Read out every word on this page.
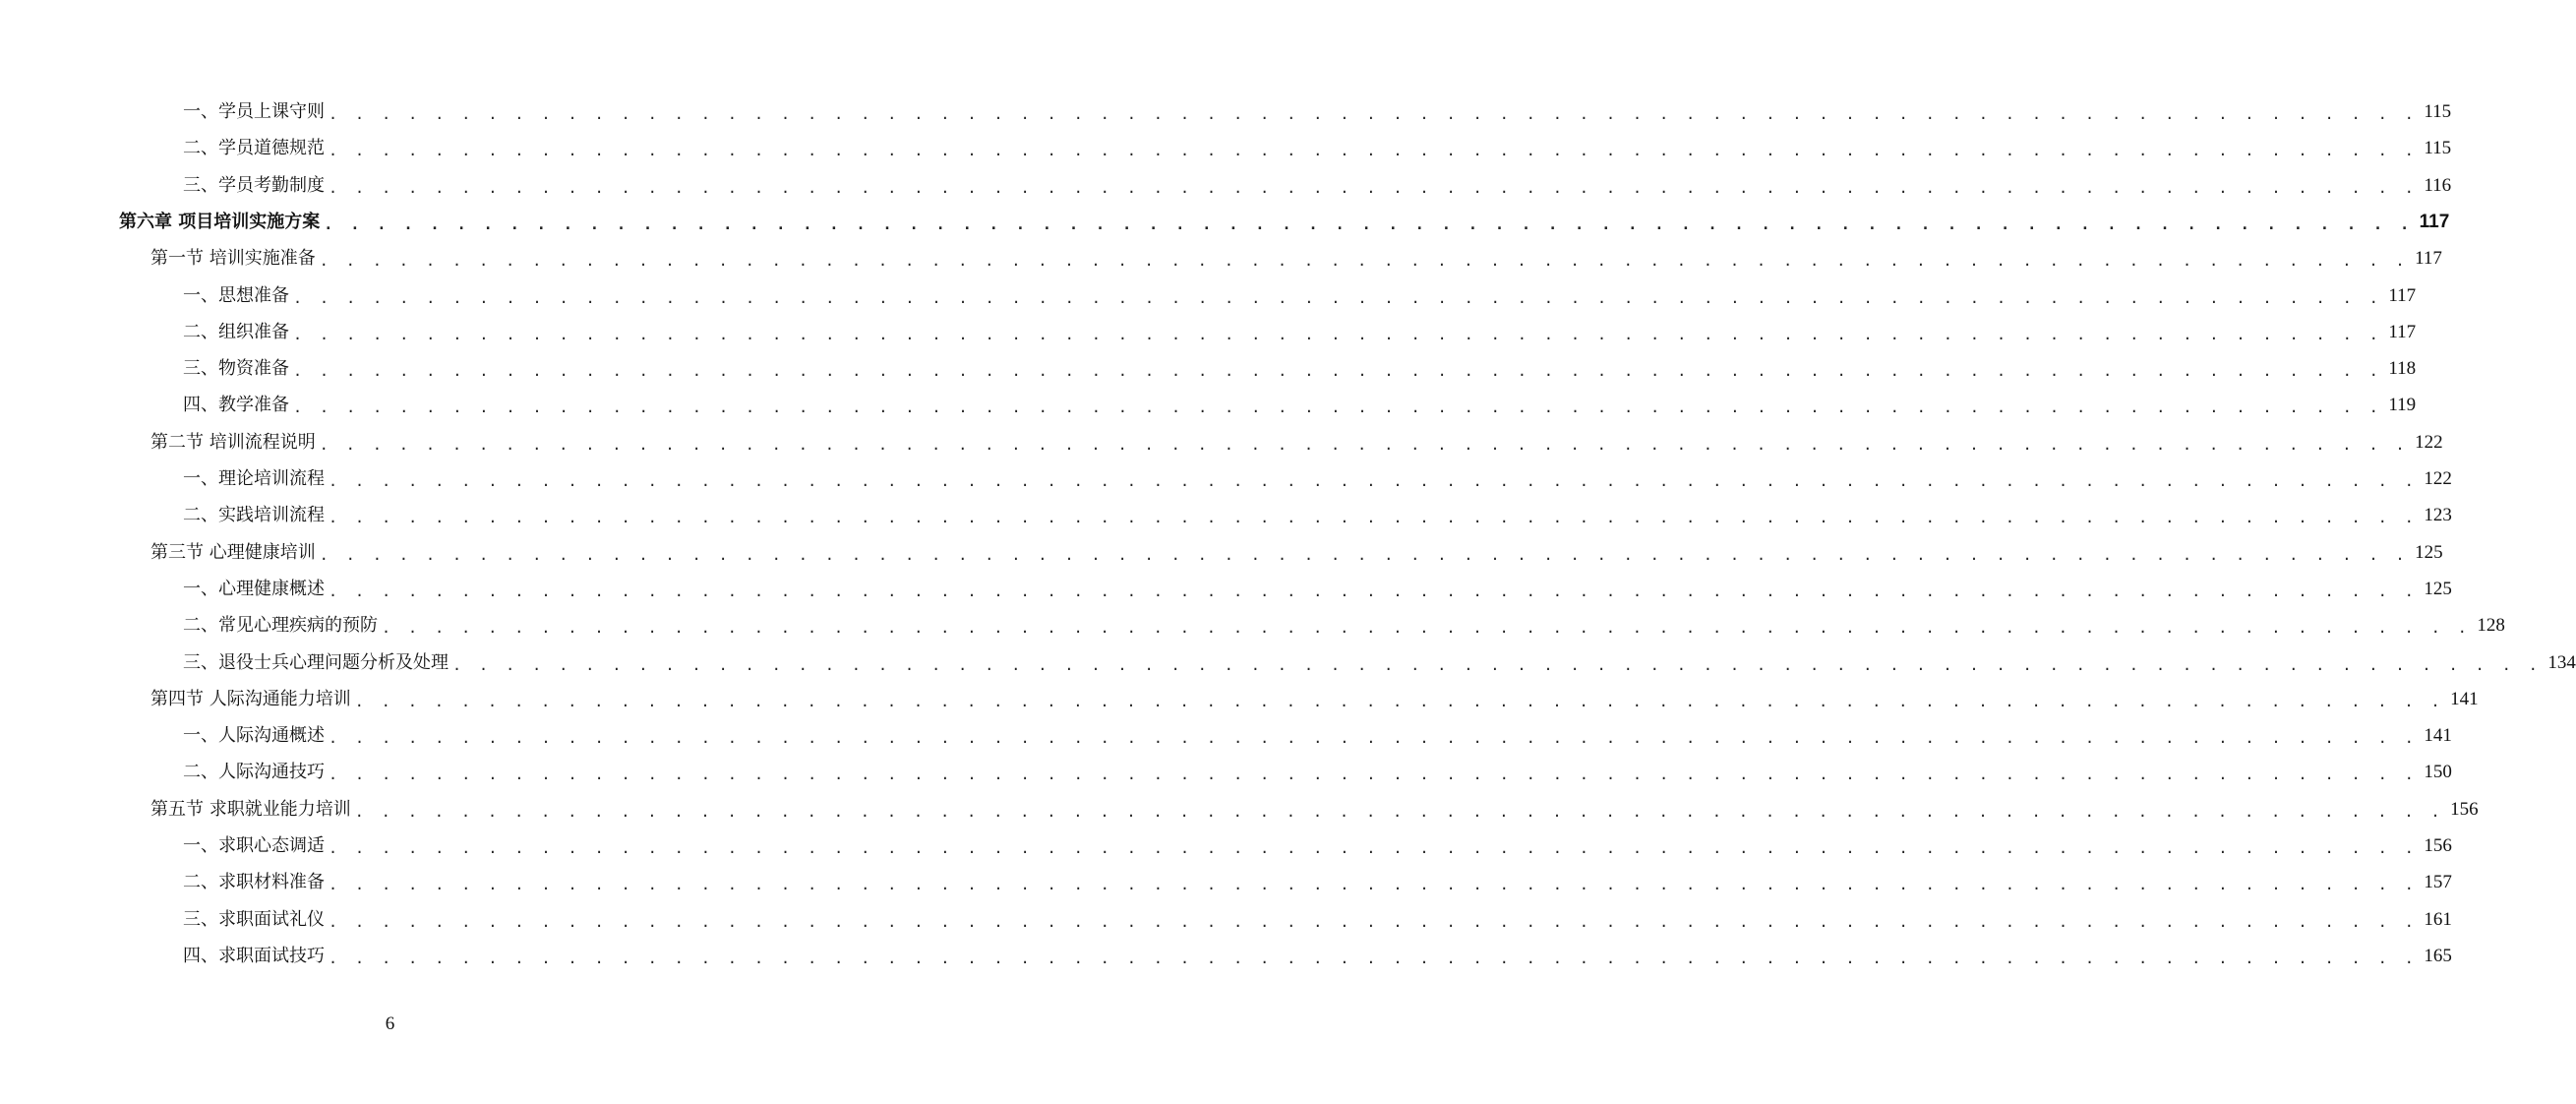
一、学员上课守则 . . . . . . . . . . . . . . . . . . . . . . . . . . . . . . . . . . . . . . . . . . . . . . . . . . . . . . . . . . . . . . . . . . . . . . . . . . . . . . . 115
二、学员道德规范 . . . . . . . . . . . . . . . . . . . . . . . . . . . . . . . . . . . . . . . . . . . . . . . . . . . . . . . . . . . . . . . . . . . . . . . . . . . . . . . 115
三、学员考勤制度 . . . . . . . . . . . . . . . . . . . . . . . . . . . . . . . . . . . . . . . . . . . . . . . . . . . . . . . . . . . . . . . . . . . . . . . . . . . . . . . 116
第六章 项目培训实施方案 . . . . . . . . . . . . . . . . . . . . . . . . . . . . . . . . . . . . . . . . . . . . . . . . . . . . . . . . . . . . . . . . . . . . . . . . . . . . . . . 117
第一节 培训实施准备 . . . . . . . . . . . . . . . . . . . . . . . . . . . . . . . . . . . . . . . . . . . . . . . . . . . . . . . . . . . . . . . . . . . . . . . . . . . . . . . 117
一、思想准备 . . . . . . . . . . . . . . . . . . . . . . . . . . . . . . . . . . . . . . . . . . . . . . . . . . . . . . . . . . . . . . . . . . . . . . . . . . . . . . . 117
二、组织准备 . . . . . . . . . . . . . . . . . . . . . . . . . . . . . . . . . . . . . . . . . . . . . . . . . . . . . . . . . . . . . . . . . . . . . . . . . . . . . . . 117
三、物资准备 . . . . . . . . . . . . . . . . . . . . . . . . . . . . . . . . . . . . . . . . . . . . . . . . . . . . . . . . . . . . . . . . . . . . . . . . . . . . . . . 118
四、教学准备 . . . . . . . . . . . . . . . . . . . . . . . . . . . . . . . . . . . . . . . . . . . . . . . . . . . . . . . . . . . . . . . . . . . . . . . . . . . . . . . 119
第二节 培训流程说明 . . . . . . . . . . . . . . . . . . . . . . . . . . . . . . . . . . . . . . . . . . . . . . . . . . . . . . . . . . . . . . . . . . . . . . . . . . . . . . . 122
一、理论培训流程 . . . . . . . . . . . . . . . . . . . . . . . . . . . . . . . . . . . . . . . . . . . . . . . . . . . . . . . . . . . . . . . . . . . . . . . . . . . . . . . 122
二、实践培训流程 . . . . . . . . . . . . . . . . . . . . . . . . . . . . . . . . . . . . . . . . . . . . . . . . . . . . . . . . . . . . . . . . . . . . . . . . . . . . . . . 123
第三节 心理健康培训 . . . . . . . . . . . . . . . . . . . . . . . . . . . . . . . . . . . . . . . . . . . . . . . . . . . . . . . . . . . . . . . . . . . . . . . . . . . . . . . 125
一、心理健康概述 . . . . . . . . . . . . . . . . . . . . . . . . . . . . . . . . . . . . . . . . . . . . . . . . . . . . . . . . . . . . . . . . . . . . . . . . . . . . . . . 125
二、常见心理疾病的预防 . . . . . . . . . . . . . . . . . . . . . . . . . . . . . . . . . . . . . . . . . . . . . . . . . . . . . . . . . . . . . . . . . . . . . . . . . . . . . . . 128
三、退役士兵心理问题分析及处理 . . . . . . . . . . . . . . . . . . . . . . . . . . . . . . . . . . . . . . . . . . . . . . . . . . . . . . . . . . . . . . . . . . . . . . . . . . . . . . . 134
第四节 人际沟通能力培训 . . . . . . . . . . . . . . . . . . . . . . . . . . . . . . . . . . . . . . . . . . . . . . . . . . . . . . . . . . . . . . . . . . . . . . . . . . . . . . . 141
一、人际沟通概述 . . . . . . . . . . . . . . . . . . . . . . . . . . . . . . . . . . . . . . . . . . . . . . . . . . . . . . . . . . . . . . . . . . . . . . . . . . . . . . . 141
二、人际沟通技巧 . . . . . . . . . . . . . . . . . . . . . . . . . . . . . . . . . . . . . . . . . . . . . . . . . . . . . . . . . . . . . . . . . . . . . . . . . . . . . . . 150
第五节 求职就业能力培训 . . . . . . . . . . . . . . . . . . . . . . . . . . . . . . . . . . . . . . . . . . . . . . . . . . . . . . . . . . . . . . . . . . . . . . . . . . . . . . . 156
一、求职心态调适 . . . . . . . . . . . . . . . . . . . . . . . . . . . . . . . . . . . . . . . . . . . . . . . . . . . . . . . . . . . . . . . . . . . . . . . . . . . . . . . 156
二、求职材料准备 . . . . . . . . . . . . . . . . . . . . . . . . . . . . . . . . . . . . . . . . . . . . . . . . . . . . . . . . . . . . . . . . . . . . . . . . . . . . . . . 157
三、求职面试礼仪 . . . . . . . . . . . . . . . . . . . . . . . . . . . . . . . . . . . . . . . . . . . . . . . . . . . . . . . . . . . . . . . . . . . . . . . . . . . . . . . 161
四、求职面试技巧 . . . . . . . . . . . . . . . . . . . . . . . . . . . . . . . . . . . . . . . . . . . . . . . . . . . . . . . . . . . . . . . . . . . . . . . . . . . . . . . 165
6
